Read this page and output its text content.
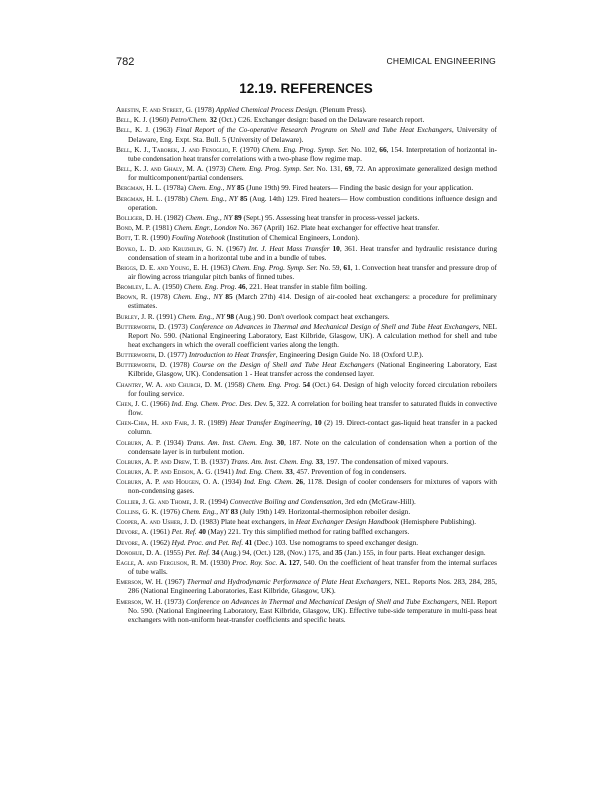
782	CHEMICAL ENGINEERING
12.19. REFERENCES
Abestin, F. and Street, G. (1978) Applied Chemical Process Design. (Plenum Press).
Bell, K. J. (1960) Petro/Chem. 32 (Oct.) C26. Exchanger design: based on the Delaware research report.
Bell, K. J. (1963) Final Report of the Co-operative Research Program on Shell and Tube Heat Exchangers, University of Delaware, Eng. Expt. Sta. Bull. 5 (University of Delaware).
Bell, K. J., Taborek, J. and Fenoglio, F. (1970) Chem. Eng. Prog. Symp. Ser. No. 102, 66, 154. Interpretation of horizontal in-tube condensation heat transfer correlations with a two-phase flow regime map.
Bell, K. J. and Ghaly, M. A. (1973) Chem. Eng. Prog. Symp. Ser. No. 131, 69, 72. An approximate generalized design method for multicomponent/partial condensers.
Bergman, H. L. (1978a) Chem. Eng., NY 85 (June 19th) 99. Fired heaters— Finding the basic design for your application.
Bergman, H. L. (1978b) Chem. Eng., NY 85 (Aug. 14th) 129. Fired heaters— How combustion conditions influence design and operation.
Bolliger, D. H. (1982) Chem. Eng., NY 89 (Sept.) 95. Assessing heat transfer in process-vessel jackets.
Bond, M. P. (1981) Chem. Engr., London No. 367 (April) 162. Plate heat exchanger for effective heat transfer.
Bott, T. R. (1990) Fouling Notebook (Institution of Chemical Engineers, London).
Boyko, L. D. and Kruzhilin, G. N. (1967) Int. J. Heat Mass Transfer 10, 361. Heat transfer and hydraulic resistance during condensation of steam in a horizontal tube and in a bundle of tubes.
Briggs, D. E. and Young, E. H. (1963) Chem. Eng. Prog. Symp. Ser. No. 59, 61, 1. Convection heat transfer and pressure drop of air flowing across triangular pitch banks of finned tubes.
Bromley, L. A. (1950) Chem. Eng. Prog. 46, 221. Heat transfer in stable film boiling.
Brown, R. (1978) Chem. Eng., NY 85 (March 27th) 414. Design of air-cooled heat exchangers: a procedure for preliminary estimates.
Burley, J. R. (1991) Chem. Eng., NY 98 (Aug.) 90. Don't overlook compact heat exchangers.
Butterworth, D. (1973) Conference on Advances in Thermal and Mechanical Design of Shell and Tube Heat Exchangers, NEL Report No. 590. (National Engineering Laboratory, East Kilbride, Glasgow, UK). A calculation method for shell and tube heat exchangers in which the overall coefficient varies along the length.
Butterworth, D. (1977) Introduction to Heat Transfer, Engineering Design Guide No. 18 (Oxford U.P.).
Butterworth, D. (1978) Course on the Design of Shell and Tube Heat Exchangers (National Engineering Laboratory, East Kilbride, Glasgow, UK). Condensation 1 - Heat transfer across the condensed layer.
Chantry, W. A. and Church, D. M. (1958) Chem. Eng. Prog. 54 (Oct.) 64. Design of high velocity forced circulation reboilers for fouling service.
Chen, J. C. (1966) Ind. Eng. Chem. Proc. Des. Dev. 5, 322. A correlation for boiling heat transfer to saturated fluids in convective flow.
Chen-Chia, H. and Fair, J. R. (1989) Heat Transfer Engineering, 10 (2) 19. Direct-contact gas-liquid heat transfer in a packed column.
Colburn, A. P. (1934) Trans. Am. Inst. Chem. Eng. 30, 187. Note on the calculation of condensation when a portion of the condensate layer is in turbulent motion.
Colburn, A. P. and Drew, T. B. (1937) Trans. Am. Inst. Chem. Eng. 33, 197. The condensation of mixed vapours.
Colburn, A. P. and Edison, A. G. (1941) Ind. Eng. Chem. 33, 457. Prevention of fog in condensers.
Colburn, A. P. and Hougen, O. A. (1934) Ind. Eng. Chem. 26, 1178. Design of cooler condensers for mixtures of vapors with non-condensing gases.
Collier, J. G. and Thome, J. R. (1994) Convective Boiling and Condensation, 3rd edn (McGraw-Hill).
Collins, G. K. (1976) Chem. Eng., NY 83 (July 19th) 149. Horizontal-thermosiphon reboiler design.
Cooper, A. and Usher, J. D. (1983) Plate heat exchangers, in Heat Exchanger Design Handbook (Hemisphere Publishing).
Devore, A. (1961) Pet. Ref. 40 (May) 221. Try this simplified method for rating baffled exchangers.
Devore, A. (1962) Hyd. Proc. and Pet. Ref. 41 (Dec.) 103. Use nomograms to speed exchanger design.
Donohue, D. A. (1955) Pet. Ref. 34 (Aug.) 94, (Oct.) 128, (Nov.) 175, and 35 (Jan.) 155, in four parts. Heat exchanger design.
Eagle, A. and Ferguson, R. M. (1930) Proc. Roy. Soc. A. 127, 540. On the coefficient of heat transfer from the internal surfaces of tube walls.
Emerson, W. H. (1967) Thermal and Hydrodynamic Performance of Plate Heat Exchangers, NEL. Reports Nos. 283, 284, 285, 286 (National Engineering Laboratories, East Kilbride, Glasgow, UK).
Emerson, W. H. (1973) Conference on Advances in Thermal and Mechanical Design of Shell and Tube Exchangers, NEL Report No. 590. (National Engineering Laboratory, East Kilbride, Glasgow, UK). Effective tube-side temperature in multi-pass heat exchangers with non-uniform heat-transfer coefficients and specific heats.
